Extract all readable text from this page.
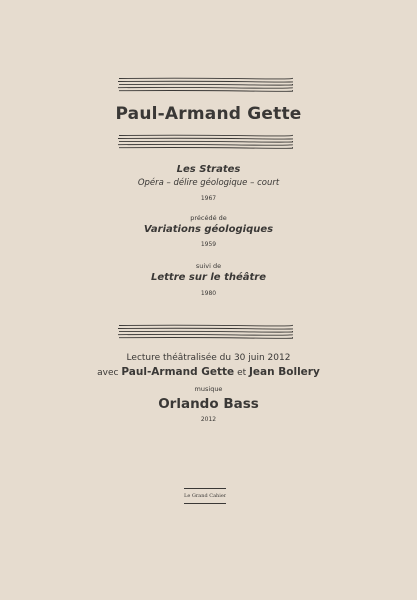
Paul-Armand Gette
Les Strates
Opéra – délire géologique – court
1967
précédé de
Variations géologiques
1959
suivi de
Lettre sur le théâtre
1980
Lecture théâtralisée du 30 juin 2012
avec Paul-Armand Gette et Jean Bollery
musique
Orlando Bass
2012
Le Grand Cahier
